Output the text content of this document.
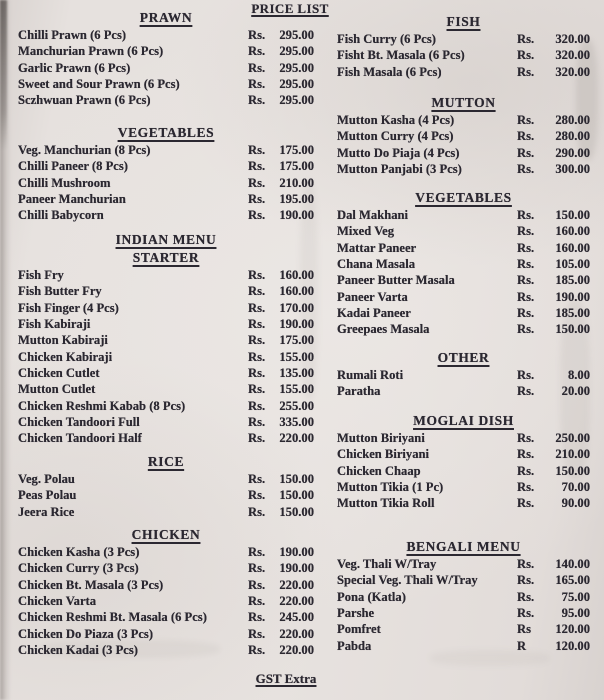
PRICE LIST
PRAWN
Chilli Prawn (6 Pcs)	Rs.	295.00
Manchurian Prawn (6 Pcs)	Rs.	295.00
Garlic Prawn (6 Pcs)	Rs.	295.00
Sweet and Sour Prawn (6 Pcs)	Rs.	295.00
Sczhwuan Prawn (6 Pcs)	Rs.	295.00
VEGETABLES
Veg. Manchurian (8 Pcs)	Rs.	175.00
Chilli Paneer (8 Pcs)	Rs.	175.00
Chilli Mushroom	Rs.	210.00
Paneer Manchurian	Rs.	195.00
Chilli Babycorn	Rs.	190.00
INDIAN MENU
STARTER
Fish Fry	Rs.	160.00
Fish Butter Fry	Rs.	160.00
Fish Finger (4 Pcs)	Rs.	170.00
Fish Kabiraji	Rs.	190.00
Mutton Kabiraji	Rs.	175.00
Chicken Kabiraji	Rs.	155.00
Chicken Cutlet	Rs.	135.00
Mutton Cutlet	Rs.	155.00
Chicken Reshmi Kabab (8 Pcs)	Rs.	255.00
Chicken Tandoori Full	Rs.	335.00
Chicken Tandoori Half	Rs.	220.00
RICE
Veg. Polau	Rs.	150.00
Peas Polau	Rs.	150.00
Jeera Rice	Rs.	150.00
CHICKEN
Chicken Kasha (3 Pcs)	Rs.	190.00
Chicken Curry (3 Pcs)	Rs.	190.00
Chicken Bt. Masala (3 Pcs)	Rs.	220.00
Chicken Varta	Rs.	220.00
Chicken Reshmi Bt. Masala (6 Pcs)	Rs.	245.00
Chicken Do Piaza (3 Pcs)	Rs.	220.00
Chicken Kadai (3 Pcs)	Rs.	220.00
FISH
Fish Curry (6 Pcs)	Rs.	320.00
Fisht Bt. Masala (6 Pcs)	Rs.	320.00
Fish Masala (6 Pcs)	Rs.	320.00
MUTTON
Mutton Kasha (4 Pcs)	Rs.	280.00
Mutton Curry (4 Pcs)	Rs.	280.00
Mutto Do Piaja (4 Pcs)	Rs.	290.00
Mutton Panjabi (3 Pcs)	Rs.	300.00
VEGETABLES
Dal Makhani	Rs.	150.00
Mixed Veg	Rs.	160.00
Mattar Paneer	Rs.	160.00
Chana Masala	Rs.	105.00
Paneer Butter Masala	Rs.	185.00
Paneer Varta	Rs.	190.00
Kadai Paneer	Rs.	185.00
Greepaes Masala	Rs.	150.00
OTHER
Rumali Roti	Rs.	8.00
Paratha	Rs.	20.00
MOGLAI DISH
Mutton Biriyani	Rs.	250.00
Chicken Biriyani	Rs.	210.00
Chicken Chaap	Rs.	150.00
Mutton Tikia (1 Pc)	Rs.	70.00
Mutton Tikia Roll	Rs.	90.00
BENGALI MENU
Veg. Thali W/Tray	Rs.	140.00
Special Veg. Thali W/Tray	Rs.	165.00
Pona (Katla)	Rs.	75.00
Parshe	Rs.	95.00
Pomfret	Rs	120.00
Pabda	R	120.00
GST Extra
